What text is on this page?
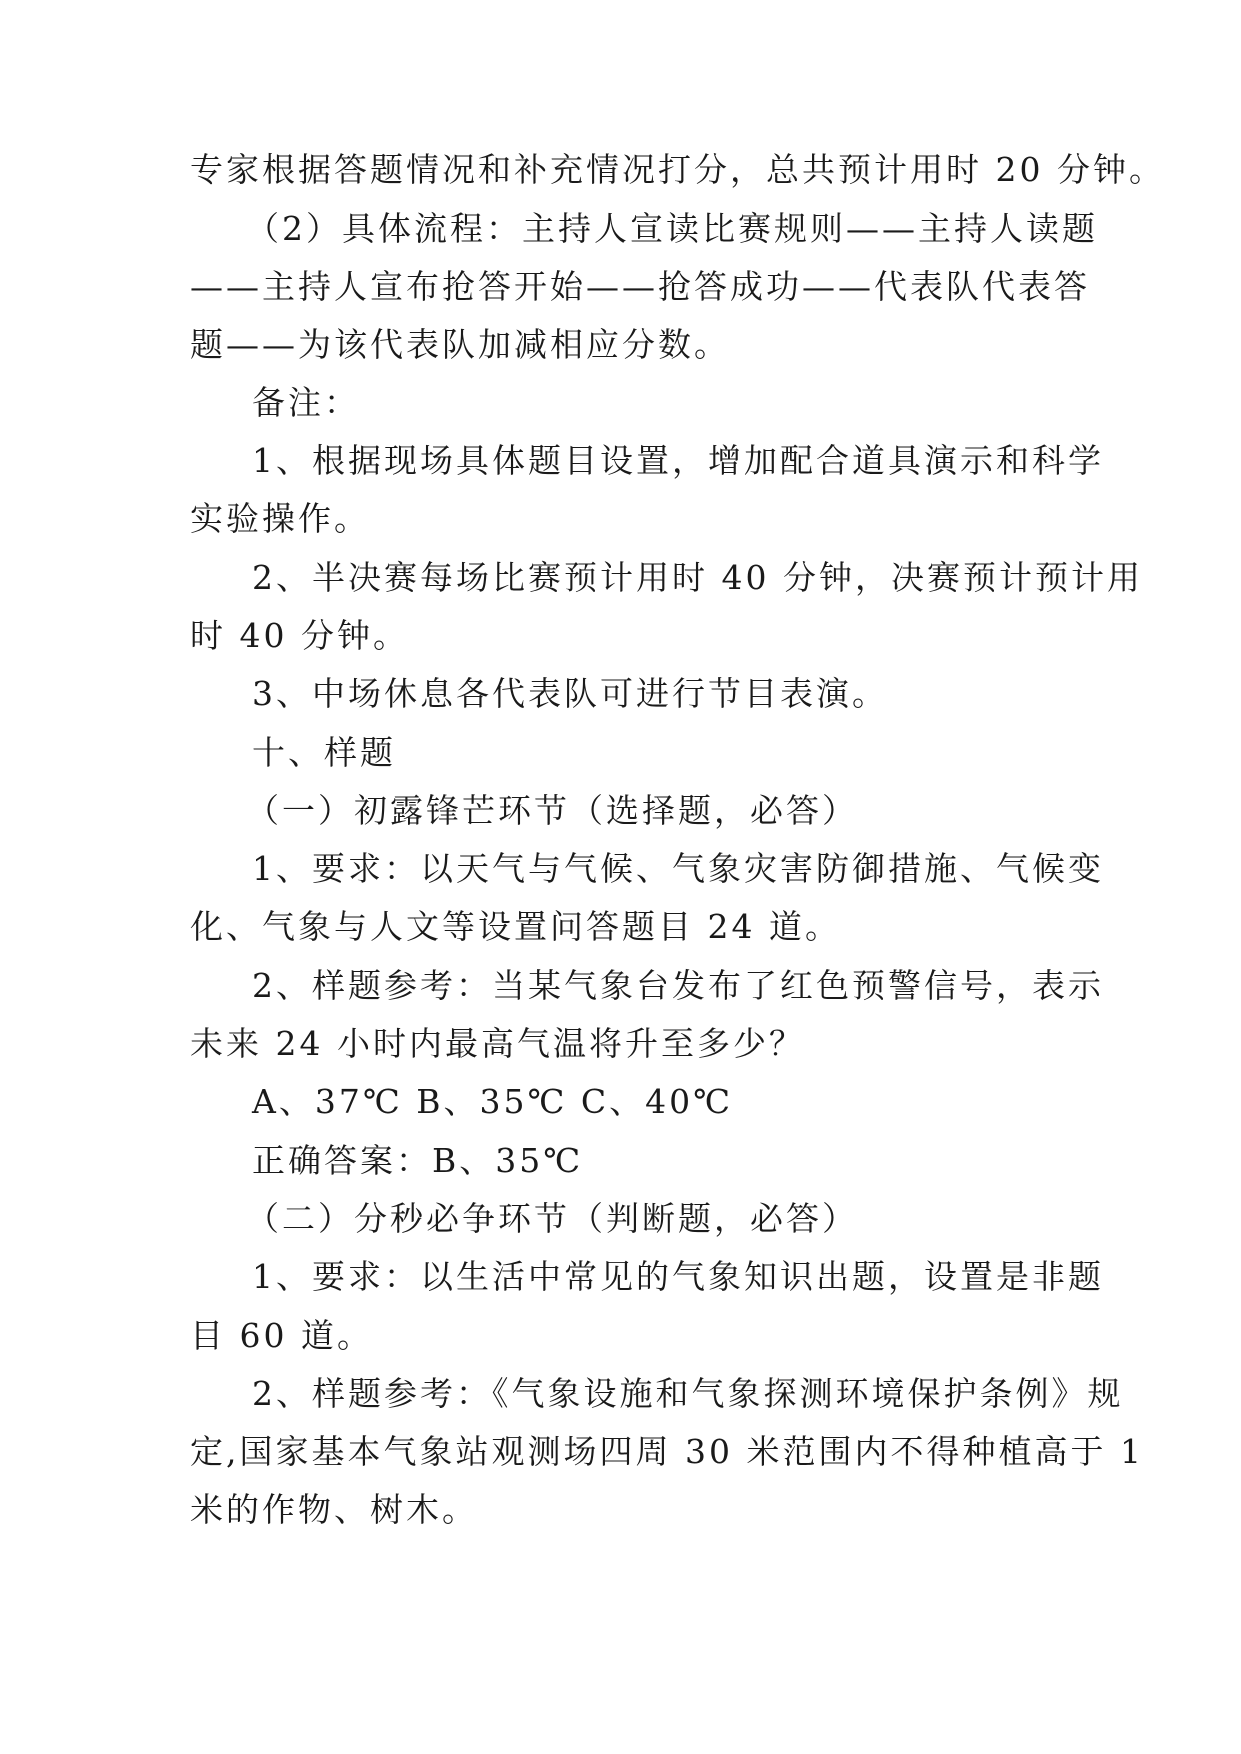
专家根据答题情况和补充情况打分，总共预计用时 20 分钟。
（2）具体流程：主持人宣读比赛规则——主持人读题
——主持人宣布抢答开始——抢答成功——代表队代表答
题——为该代表队加减相应分数。
备注：
1、根据现场具体题目设置，增加配合道具演示和科学
实验操作。
2、半决赛每场比赛预计用时 40 分钟，决赛预计预计用
时 40 分钟。
3、中场休息各代表队可进行节目表演。
十、样题
（一）初露锋芒环节（选择题，必答）
1、要求：以天气与气候、气象灾害防御措施、气候变
化、气象与人文等设置问答题目 24 道。
2、样题参考：当某气象台发布了红色预警信号，表示
未来 24 小时内最高气温将升至多少？
A、37℃ B、35℃ C、40℃
正确答案：B、35℃
（二）分秒必争环节（判断题，必答）
1、要求：以生活中常见的气象知识出题，设置是非题
目 60 道。
2、样题参考：《气象设施和气象探测环境保护条例》规
定,国家基本气象站观测场四周 30 米范围内不得种植高于 1
米的作物、树木。
